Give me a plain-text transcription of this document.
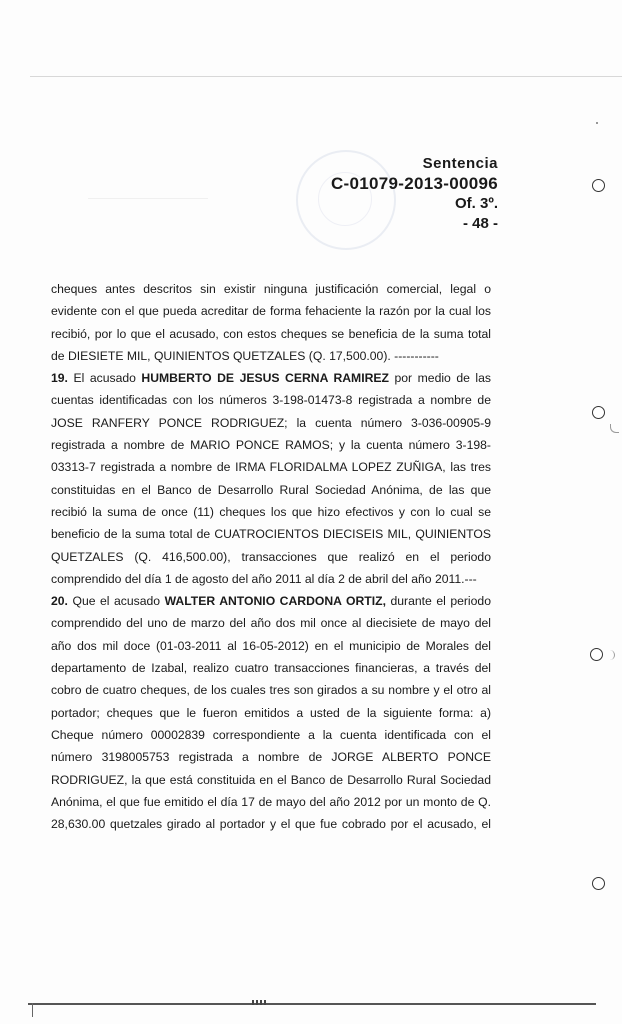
Sentencia
C-01079-2013-00096
Of. 3º.
- 48 -
cheques antes descritos sin existir ninguna justificación comercial, legal o
evidente con el que pueda acreditar de forma fehaciente la razón por la cual los
recibió, por lo que el acusado, con estos cheques se beneficia de la suma total
de DIESIETE MIL, QUINIENTOS QUETZALES (Q. 17,500.00). -----------
19. El acusado HUMBERTO DE JESUS CERNA RAMIREZ por medio de las
cuentas identificadas con los números 3-198-01473-8 registrada a nombre de
JOSE RANFERY PONCE RODRIGUEZ; la cuenta número 3-036-00905-9
registrada a nombre de MARIO PONCE RAMOS; y la cuenta número 3-198-
03313-7 registrada a nombre de IRMA FLORIDALMA LOPEZ ZUÑIGA, las tres
constituidas en el Banco de Desarrollo Rural Sociedad Anónima, de las que
recibió la suma de once (11) cheques los que hizo efectivos y con lo cual se
beneficio de la suma total de CUATROCIENTOS DIECISEIS MIL, QUINIENTOS
QUETZALES (Q. 416,500.00), transacciones que realizó en el periodo
comprendido del día 1 de agosto del año 2011 al día 2 de abril del año 2011.---
20. Que el acusado WALTER ANTONIO CARDONA ORTIZ, durante el periodo
comprendido del uno de marzo del año dos mil once al diecisiete de mayo del
año dos mil doce (01-03-2011 al 16-05-2012) en el municipio de Morales del
departamento de Izabal, realizo cuatro transacciones financieras, a través del
cobro de cuatro cheques, de los cuales tres son girados a su nombre y el otro al
portador; cheques que le fueron emitidos a usted de la siguiente forma: a)
Cheque número 00002839 correspondiente a la cuenta identificada con el
número 3198005753 registrada a nombre de JORGE ALBERTO PONCE
RODRIGUEZ, la que está constituida en el Banco de Desarrollo Rural Sociedad
Anónima, el que fue emitido el día 17 de mayo del año 2012 por un monto de Q.
28,630.00 quetzales girado al portador y el que fue cobrado por el acusado, el
